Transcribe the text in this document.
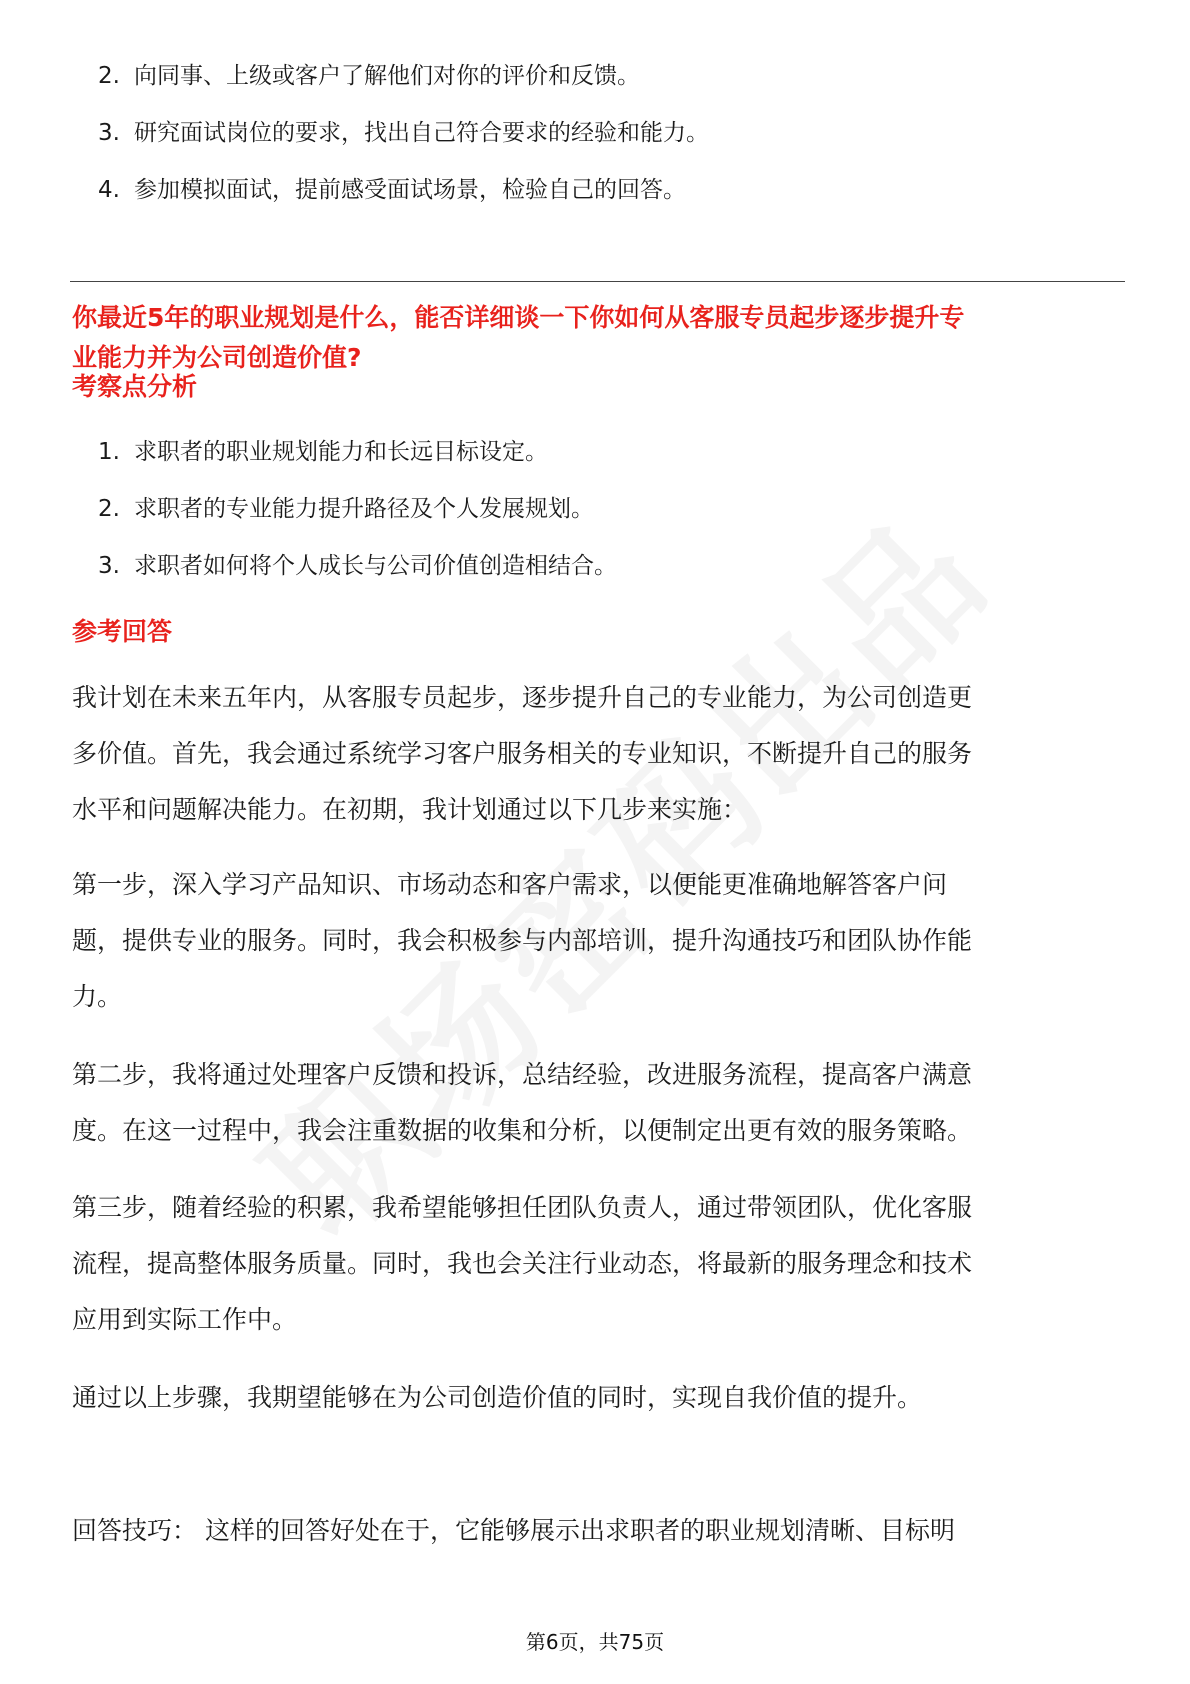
2. 向同事、上级或客户了解他们对你的评价和反馈。
3. 研究面试岗位的要求，找出自己符合要求的经验和能力。
4. 参加模拟面试，提前感受面试场景，检验自己的回答。
你最近5年的职业规划是什么，能否详细谈一下你如何从客服专员起步逐步提升专
业能力并为公司创造价值?
考察点分析
1. 求职者的职业规划能力和长远目标设定。
2. 求职者的专业能力提升路径及个人发展规划。
3. 求职者如何将个人成长与公司价值创造相结合。
参考回答

我计划在未来五年内，从客服专员起步，逐步提升自己的专业能力，为公司创造更
多价值。首先，我会通过系统学习客户服务相关的专业知识，不断提升自己的服务
水平和问题解决能力。在初期，我计划通过以下几步来实施：

第一步，深入学习产品知识、市场动态和客户需求，以便能更准确地解答客户问
题，提供专业的服务。同时，我会积极参与内部培训，提升沟通技巧和团队协作能
力。

第二步，我将通过处理客户反馈和投诉，总结经验，改进服务流程，提高客户满意
度。在这一过程中，我会注重数据的收集和分析，以便制定出更有效的服务策略。

第三步，随着经验的积累，我希望能够担任团队负责人，通过带领团队，优化客服
流程，提高整体服务质量。同时，我也会关注行业动态，将最新的服务理念和技术
应用到实际工作中。

通过以上步骤，我期望能够在为公司创造价值的同时，实现自我价值的提升。

回答技巧： 这样的回答好处在于，它能够展示出求职者的职业规划清晰、目标明

第6页，共75页
